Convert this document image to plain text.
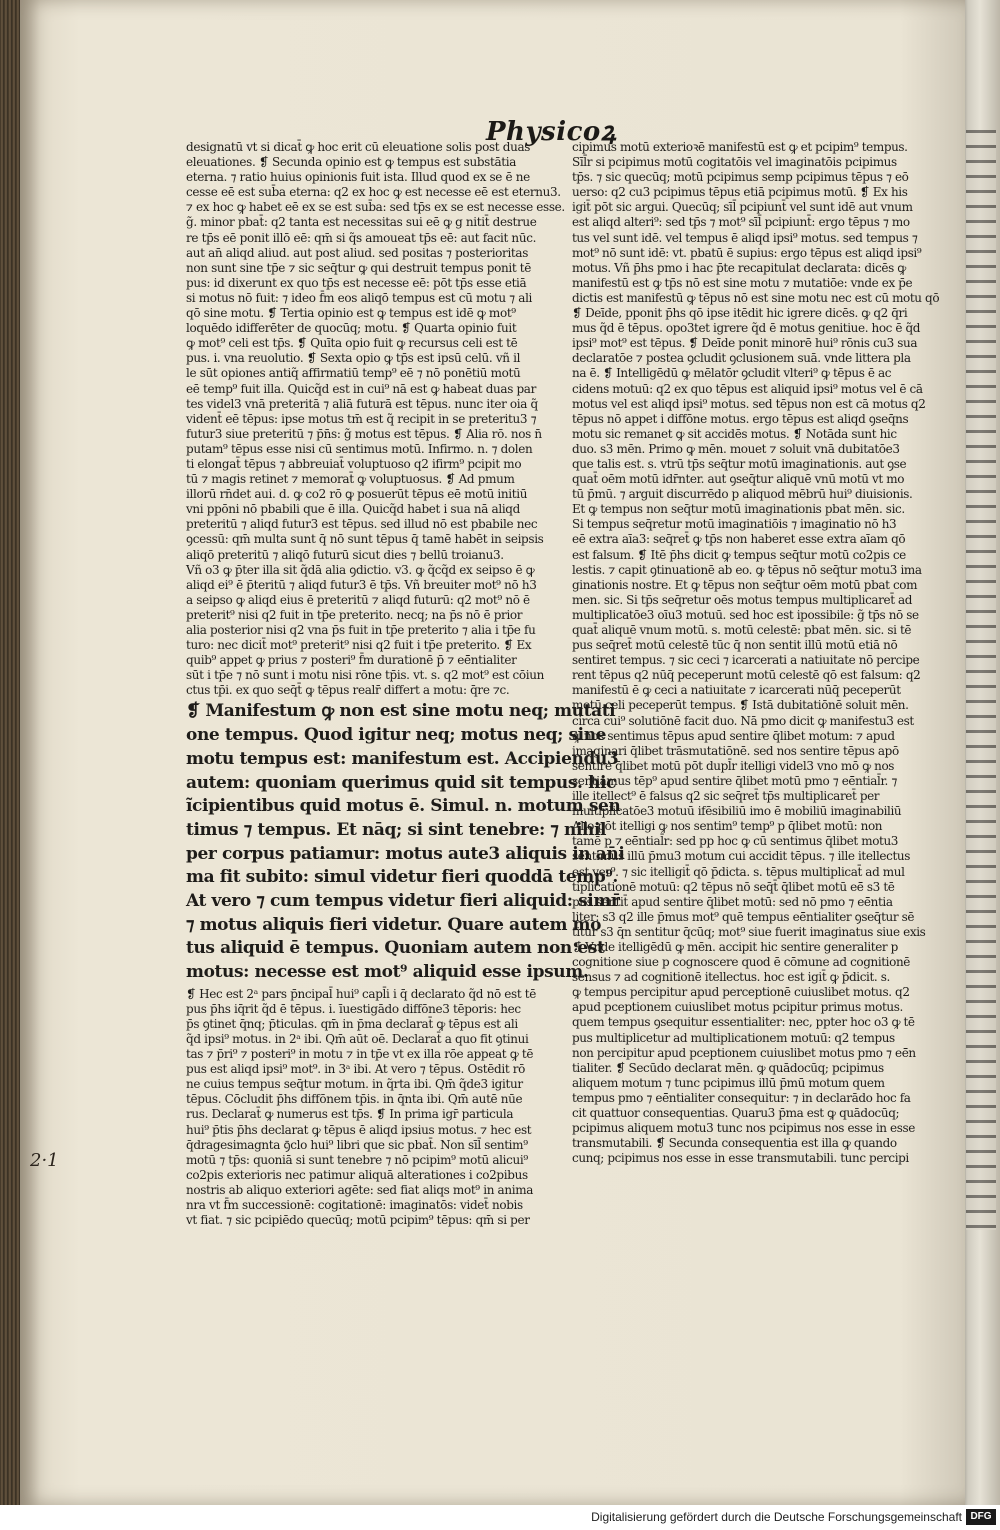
Physicoꝝ
designatū vt si dicat̄ ꝙ hoc erit cū eleuatione solis post duas
eleuationes. ❡ Secunda opinio est ꝙ tempus est substātia
eterna. ⁊ ratio huius opinionis fuit ista. Illud quod ex se ē ne
cesse eē est sub̄a eterna: q2 ex hoc ꝙ est necesse eē est eternu3.
⁊ ex hoc ꝙ habet eē ex se est sub̄a: sed tp̄s ex se est necesse esse.
g̃. minor pbat̄: q2 tanta est necessitas sui eē ꝙ g nitit̄ destrue
re tp̄s eē ponit illō eē: qm̄ si q̃s amoueat tp̄s eē: aut facit nūc.
aut an̄ aliqd aliud. aut post aliud. sed positas ⁊ posterioritas
non sunt sine tp̄e ⁊ sic seq̄tur ꝙ qui destruit tempus ponit tē
pus: id dixerunt ex quo tp̄s est necesse eē: pōt tp̄s esse etiā
si motus nō fuit: ⁊ ideo f̄m eos aliqō tempus est cū motu ⁊ ali
qō sine motu. ❡ Tertia opinio est ꝙ tempus est idē ꝙ mot⁹
loquēdo idifferēter de quocūq; motu. ❡ Quarta opinio fuit
ꝙ mot⁹ celi est tp̄s. ❡ Quīta opio fuit ꝙ recursus celi est tē
pus. i. vna reuolutio. ❡ Sexta opio ꝙ tp̄s est ipsū celū. vñ il
le sūt opiones antiq̃ affirmatiū temp⁹ eē ⁊ nō ponētiū motū
eē temp⁹ fuit illa. Quicq̃d est in cui⁹ nā est ꝙ habeat duas par
tes videl3 vnā preteritā ⁊ aliā futurā est tēpus. nunc iter oia q̃
vident̄ eē tēpus: ipse motus tm̄ est q̃ recipit in se preteritu3 ⁊
futur3 siue preteritū ⁊ p̄n̄s: g̃ motus est tēpus. ❡ Alia rō. nos n̄
putam⁹ tēpus esse nisi cū sentimus motū. Infirmo. n. ⁊ dolen
ti elongat̄ tēpus ⁊ abbreuiat̄ voluptuoso q2 ifirm⁹ pcipit mo
tū ⁊ magis retinet ⁊ memorat̄ ꝙ voluptuosus. ❡ Ad pmum
illorū rn̄det aui. d. ꝙ co2 rō ꝙ posuerūt tēpus eē motū initiū
vni ppōni nō pbabili que ē illa. Quicq̃d habet i sua nā aliqd
preteritū ⁊ aliqd futur3 est tēpus. sed illud nō est pbabile nec
ꝯcessū: qm̄ multa sunt q̄ nō sunt tēpus q̄ tamē habēt in seipsis
aliqō preteritū ⁊ aliqō futurū sicut dies ⁊ bellū troianu3.
Vñ o3 ꝙ p̄ter illa sit q̃dā alia ꝯdictio. v3. ꝙ q̃cq̃d ex seipso ē ꝙ
aliqd ei⁹ ē p̄teritū ⁊ aliqd futur3 ē tp̄s. Vñ breuiter mot⁹ nō h3
a seipso ꝙ aliqd eius ē preteritū ⁊ aliqd futurū: q2 mot⁹ nō ē
preterit⁹ nisi q2 fuit in tp̄e preterito. necq; na p̄s nō ē prior
alia posterior nisi q2 vna p̄s fuit in tp̄e preterito ⁊ alia i tp̄e fu
turo: nec dicit̄ mot⁹ preterit⁹ nisi q2 fuit i tp̄e preterito. ❡ Ex
quib⁹ appet ꝙ prius ⁊ posteri⁹ f̄m durationē p̄ ⁊ eē̄ntialiter
sūt i tp̄e ⁊ nō sunt i motu nisi rōne tp̄is. vt. s. q2 mot⁹ est cōiun
ctus tp̄i. ex quo seq̄t̄ ꝙ tēpus realr̄ differt a motu: q̄re ⁊c.
❡ Manifestum ꝙ non est sine motu neq; mutati
one tempus. Quod igitur neq; motus neq; sine
motu tempus est: manifestum est. Accipiendu3
autem: quoniam querimus quid sit tempus. hic
ĩcipientibus quid motus ē. Simul. n. motum sen
timus ⁊ tempus. Et nāq; si sint tenebre: ⁊ nihil
per corpus patiamur: motus aute3 aliquis in an̄i
ma fit subito: simul videtur fieri quoddā temp⁹.
At vero ⁊ cum tempus videtur fieri aliquid: simr̄
⁊ motus aliquis fieri videtur. Quare autem mo
tus aliquid ē tempus. Quoniam autem non est
motus: necesse est mot⁹ aliquid esse ipsum.
❡ Hec est 2ᵃ pars p̄ncipal̄ hui⁹ capl̄i i q̄ declarato q̃d nō est tē
pus p̄hs iq̄rit q̃d ē tēpus. i. īuestigādo diffōne3 tēporis: hec
p̄s ꝯtinet q̄nq; p̄ticulas. qm̄ in p̄ma declarat̄ ꝙ tēpus est ali
q̃d ipsi⁹ motus. in 2ᵃ ibi. Qm̄ aūt oē. Declarat̄ a quo fit ꝯtinui
tas ⁊ p̄ri⁹ ⁊ posteri⁹ in motu ⁊ in tp̄e vt ex illa rōe appeat ꝙ tē
pus est aliqd ipsi⁹ mot⁹. in 3ᵃ ibi. At vero ⁊ tēpus. Ostēdit rō
ne cuius tempus seq̄tur motum. in q̃rta ibi. Qm̄ q̃de3 igitur
tēpus. Cōcludit p̄hs diffōnem tp̄is. in q̄nta ibi. Qm̄ autē nūe
rus. Declarat̄ ꝙ numerus est tp̄s. ❡ In prima igr̄ particula
hui⁹ p̄tis p̄hs declarat ꝙ tēpus ē aliqd ipsius motus. ⁊ hec est
q̄dragesimagnta ꝯ̄clo hui⁹ libri que sic pbat̄. Non sīl̄ sentim⁹
motū ⁊ tp̄s: quoniā si sunt tenebre ⁊ nō pcipim⁹ motū alicui⁹
co2pis exterioris nec patimur aliquā alterationes i co2pibus
nostris ab aliquo exteriori agēte: sed fiat aliqs mot⁹ in anima
nra vt f̄m successionē: cogitationē: imaginatōs: videt̄ nobis
vt fiat. ⁊ sic pcipiēdo quecūq; motū pcipim⁹ tēpus: qm̄ si per
cipimus motū exterioꝛē manifestū est ꝙ et pcipim⁹ tempus.
Sīl̄r si pcipimus motū cogitatōis vel imaginatōis pcipimus
tp̄s. ⁊ sic quecūq; motū pcipimus semp pcipimus tēpus ⁊ eō
uerso: q2 cu3 pcipimus tēpus etiā pcipimus motū. ❡ Ex his
igit̄ pōt sic argui. Quecūq; sīl̄ pcipiunt̄ vel sunt idē aut vnum
est aliqd alteri⁹: sed tp̄s ⁊ mot⁹ sīl̄ pcipiunt̄: ergo tēpus ⁊ mo
tus vel sunt idē. vel tempus ē aliqd ipsi⁹ motus. sed tempus ⁊
mot⁹ nō sunt idē: vt. pbatū ē supius: ergo tēpus est aliqd ipsi⁹
motus. Vñ p̄hs pmo i hac p̄te recapitulat declarata: dicēs ꝙ
manifestū est ꝙ tp̄s nō est sine motu ⁊ mutatiōe: vnde ex p̄e
dictis est manifestū ꝙ tēpus nō est sine motu nec est cū motu qō
❡ Deīde, pponit p̄hs qō ipse itēdit hic igrere dicēs. ꝙ q2 q̄ri
mus q̃d ē tēpus. opo3tet igrere q̃d ē motus genitiue. hoc ē q̃d
ipsi⁹ mot⁹ est tēpus. ❡ Deīde ponit minorē hui⁹ rōnis cu3 sua
declaratōe ⁊ postea ꝯcludit ꝯclusionem suā. vnde littera pla
na ē. ❡ Intelligēdū ꝙ mēlatōr ꝯcludit vlteri⁹ ꝙ tēpus ē ac
cidens motuū: q2 ex quo tēpus est aliquid ipsi⁹ motus vel ē cā
motus vel est aliqd ipsi⁹ motus. sed tēpus non est cā motus q2
tēpus nō appet i diffōne motus. ergo tēpus est aliqd ꝯseq̄ns
motu sic remanet ꝙ sit accidēs motus. ❡ Notāda sunt hic
duo. s3 mēn. Primo ꝙ mēn. mouet ⁊ soluit vnā dubitatōe3
que talis est. s. vtrū tp̄s seq̄tur motū imaginationis. aut ꝯse
quat̄ oēm motū idr̄nter. aut ꝯseq̄tur aliquē vnū motū vt mo
tū p̄mū. ⁊ arguit discurrēdo p aliquod mēbrū hui⁹ diuisionis.
Et ꝙ tempus non seq̄tur motū imaginationis pbat mēn. sic.
Si tempus seq̄retur motū imaginatiōis ⁊ imaginatio nō h3
eē extra aīa3: seq̄ret̄ ꝙ tp̄s non haberet esse extra aīam qō
est falsum. ❡ Itē p̄hs dicit ꝙ tempus seq̄tur motū co2pis ce
lestis. ⁊ capit ꝯtinuationē ab eo. ꝙ tēpus nō seq̄tur motu3 ima
ginationis nostre. Et ꝙ tēpus non seq̄tur oēm motū pbat com
men. sic. Si tp̄s seq̄retur oēs motus tempus multiplicaret̄ ad
multiplicatōe3 oīu3 motuū. sed hoc est ipossibile: g̃ tp̄s nō se
quat̄ aliquē vnum motū. s. motū celestē: pbat mēn. sic. si tē
pus seq̄ret̄ motū celestē tūc q̄ non sentit illū motū etiā nō
sentiret tempus. ⁊ sic ceci ⁊ icarcerati a natiuitate nō percipe
rent tēpus q2 nūq̄ peceperunt motū celestē qō est falsum: q2
manifestū ē ꝙ ceci a natiuitate ⁊ icarcerati nūq̄ peceperūt
motū celi peceperūt tempus. ❡ Istā dubitatiōnē soluit mēn.
circa cui⁹ solutiōnē facit duo. Nā pmo dicit ꝙ manifestu3 est
ꝙ nos sentimus tēpus apud sentire q̄libet motum: ⁊ apud
imaginari q̄libet trāsmutatiōnē. sed nos sentire tēpus apō
sentire q̄libet motū pōt dupl̄r itelligi videl3 vno mō ꝙ nos
sentiamus tēp⁹ apud sentire q̄libet motū pmo ⁊ eē̄ntial̄r. ⁊
ille itellect⁹ ē falsus q2 sic seq̄ret̄ tp̄s multiplicaret̄ per
multiplicatōe3 motuū ifēsibiliū imo ē mobiliū imaginabiliū
Alio pōt itelligi ꝙ nos sentim⁹ temp⁹ p q̄libet motū: non
tamē p ⁊ eē̄ntial̄r: sed pp hoc ꝙ cū sentimus q̄libet motu3
sentimus illū p̄mu3 motum cui accidit tēpus. ⁊ ille itellectus
est ver⁹. ⁊ sic itelligit̄ qō p̄dicta. s. tēpus multiplicat̄ ad mul
tiplicationē motuū: q2 tēpus nō seq̄t̄ q̄libet motū eē̄ s3 tē
pus sentit̄ apud sentire q̄libet motū: sed nō pmo ⁊ eē̄ntia
liter: s3 q2 ille p̄mus mot⁹ quē tempus eē̄ntialiter ꝯseq̄tur sē
titur s3 q̄n sentitur q̄cūq; mot⁹ siue fuerit imaginatus siue exis
❡ Vnde itelligēdū ꝙ mēn. accipit hic sentire generaliter p
cognitione siue p cognoscere quod ē cōmune ad cognitionē
sensus ⁊ ad cognitionē itellectus. hoc est igit̄ ꝙ p̄dicit. s.
ꝙ tempus percipitur apud perceptionē cuiuslibet motus. q2
apud pceptionem cuiuslibet motus pcipitur primus motus.
quem tempus ꝯsequitur essentialiter: nec, ppter hoc o3 ꝙ tē
pus multiplicetur ad multiplicationem motuū: q2 tempus
non percipitur apud pceptionem cuiuslibet motus pmo ⁊ eē̄n
tialiter. ❡ Secūdo declarat mēn. ꝙ quādocūq; pcipimus
aliquem motum ⁊ tunc pcipimus illū p̄mū motum quem
tempus pmo ⁊ eē̄ntialiter consequitur: ⁊ in declarādo hoc fa
cit quattuor consequentias. Quaru3 p̄ma est ꝙ quādocūq;
pcipimus aliquem motu3 tunc nos pcipimus nos esse in esse
transmutabili. ❡ Secunda consequentia est illa ꝙ quando
cunq; pcipimus nos esse in esse transmutabili. tunc percipi
2·1
Digitalisierung gefördert durch die Deutsche Forschungsgemeinschaft DFG
